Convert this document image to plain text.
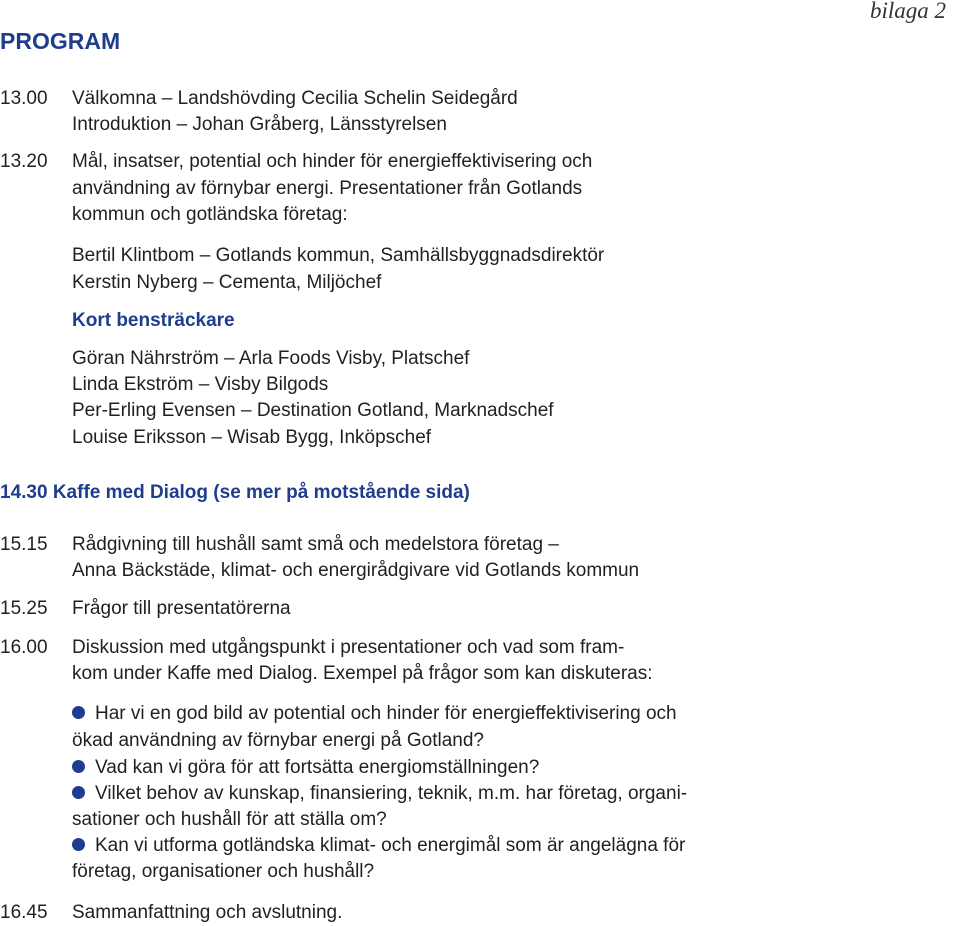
bilaga 2
PROGRAM
13.00 Välkomna – Landshövding Cecilia Schelin Seidegård
Introduktion – Johan Gråberg, Länsstyrelsen
13.20 Mål, insatser, potential och hinder för energieffektivisering och
användning av förnybar energi. Presentationer från Gotlands
kommun och gotländska företag:
Bertil Klintbom – Gotlands kommun, Samhällsbyggnadsdirektör
Kerstin Nyberg – Cementa, Miljöchef
Kort bensträckare
Göran Nährström – Arla Foods Visby, Platschef
Linda Ekström – Visby Bilgods
Per-Erling Evensen – Destination Gotland, Marknadschef
Louise Eriksson – Wisab Bygg, Inköpschef
14.30 Kaffe med Dialog (se mer på motstående sida)
15.15 Rådgivning till hushåll samt små och medelstora företag –
Anna Bäckstäde, klimat- och energirådgivare vid Gotlands kommun
15.25 Frågor till presentatörerna
16.00 Diskussion med utgångspunkt i presentationer och vad som fram-
kom under Kaffe med Dialog. Exempel på frågor som kan diskuteras:
Har vi en god bild av potential och hinder för energieffektivisering och
ökad användning av förnybar energi på Gotland?
Vad kan vi göra för att fortsätta energiomställningen?
Vilket behov av kunskap, finansiering, teknik, m.m. har företag, organi-
sationer och hushåll för att ställa om?
Kan vi utforma gotländska klimat- och energimål som är angelägna för
företag, organisationer och hushåll?
16.45 Sammanfattning och avslutning.
